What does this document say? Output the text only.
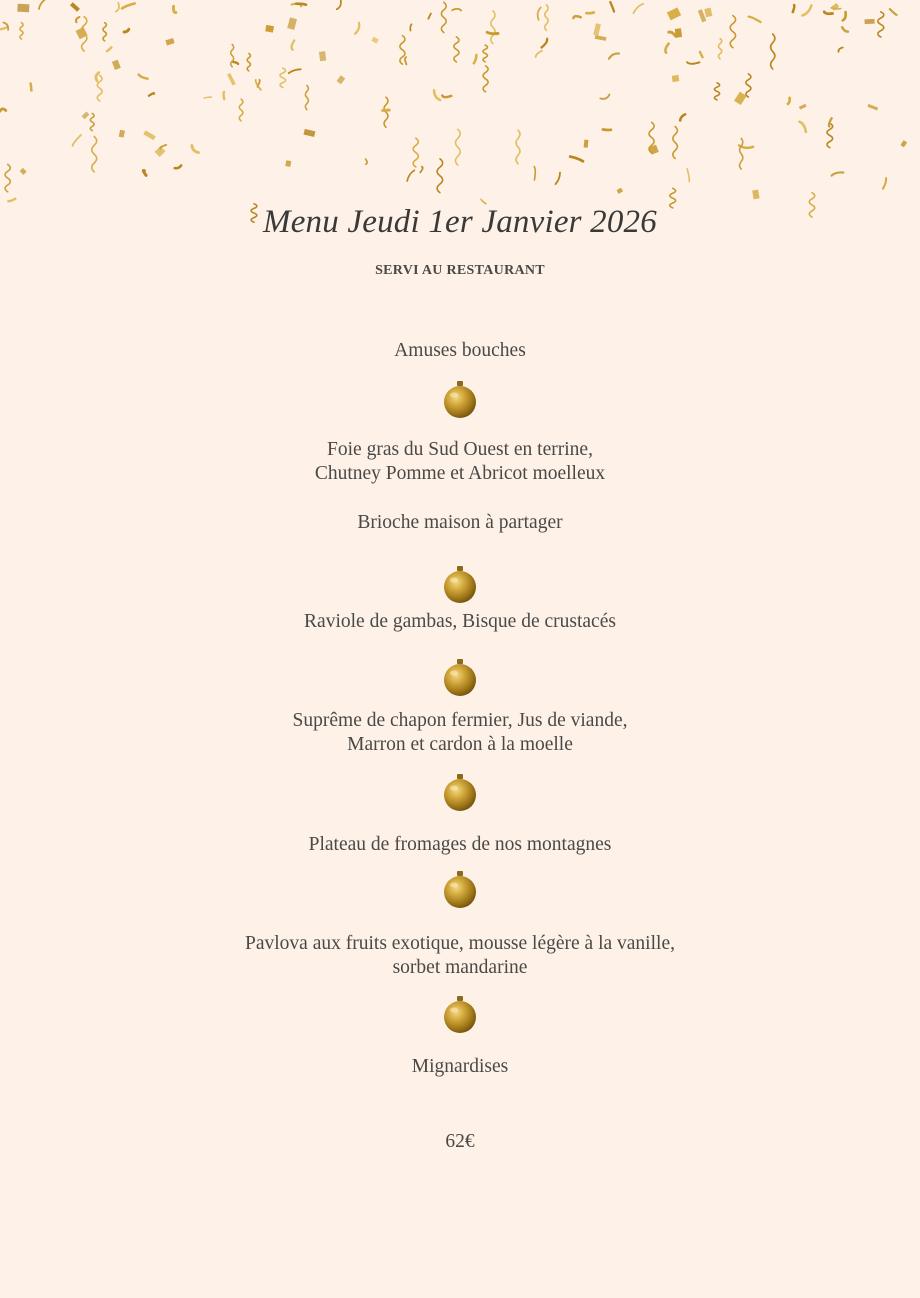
Menu Jeudi 1er Janvier 2026
SERVI AU RESTAURANT
Amuses bouches
Foie gras du Sud Ouest en terrine,
Chutney Pomme et Abricot moelleux
Brioche maison à partager
Raviole de gambas, Bisque de crustacés
Suprême de chapon fermier, Jus de viande,
Marron et cardon à la moelle
Plateau de fromages de nos montagnes
Pavlova aux fruits exotique, mousse légère à la vanille,
sorbet mandarine
Mignardises
62€
